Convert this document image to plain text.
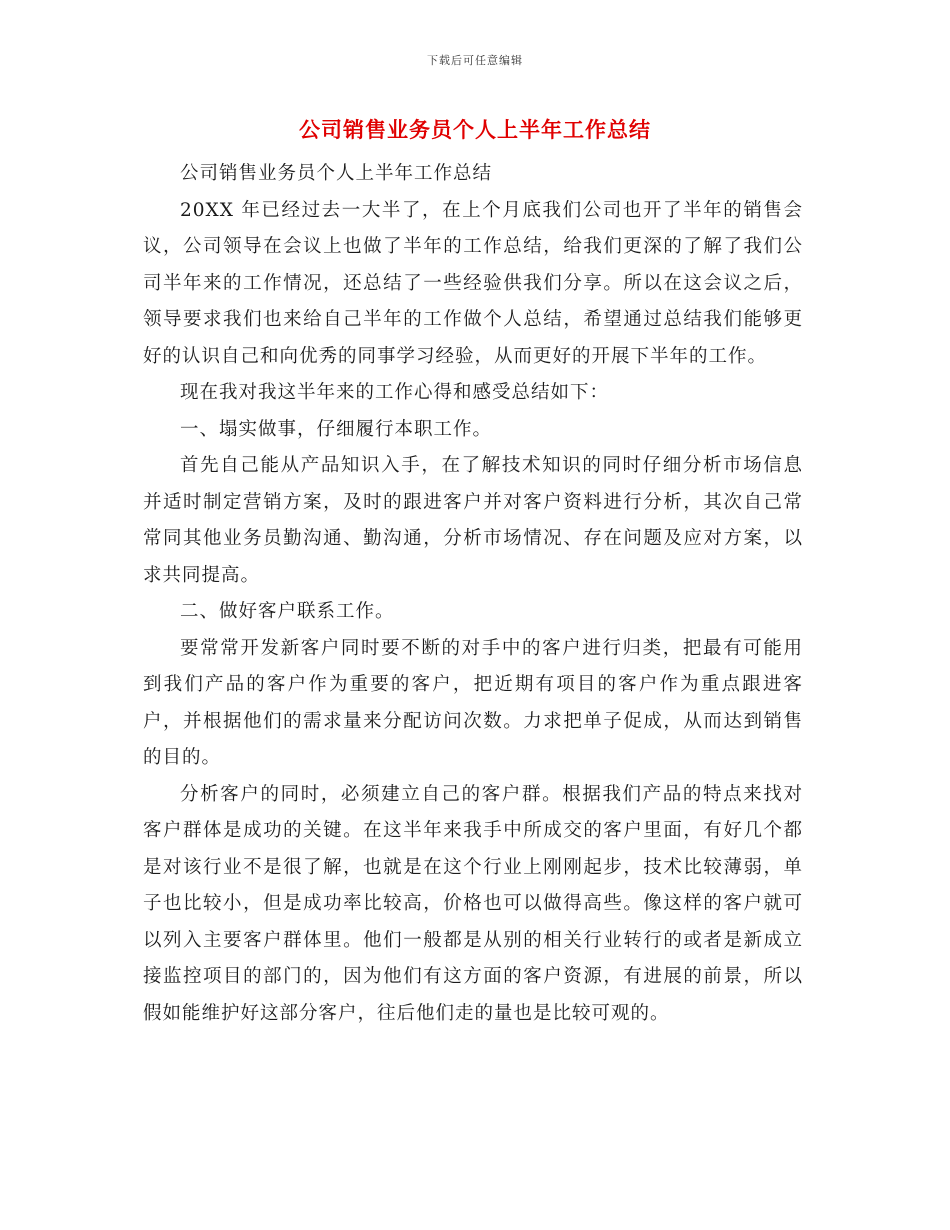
下载后可任意编辑
公司销售业务员个人上半年工作总结

公司销售业务员个人上半年工作总结

20XX 年已经过去一大半了，在上个月底我们公司也开了半年的销售会议，公司领导在会议上也做了半年的工作总结，给我们更深的了解了我们公司半年来的工作情况，还总结了一些经验供我们分享。所以在这会议之后，领导要求我们也来给自己半年的工作做个人总结，希望通过总结我们能够更好的认识自己和向优秀的同事学习经验，从而更好的开展下半年的工作。

现在我对我这半年来的工作心得和感受总结如下：

一、塌实做事，仔细履行本职工作。

首先自己能从产品知识入手，在了解技术知识的同时仔细分析市场信息并适时制定营销方案，及时的跟进客户并对客户资料进行分析，其次自己常常同其他业务员勤沟通、勤沟通，分析市场情况、存在问题及应对方案，以求共同提高。

二、做好客户联系工作。

要常常开发新客户同时要不断的对手中的客户进行归类，把最有可能用到我们产品的客户作为重要的客户，把近期有项目的客户作为重点跟进客户，并根据他们的需求量来分配访问次数。力求把单子促成，从而达到销售的目的。

分析客户的同时，必须建立自己的客户群。根据我们产品的特点来找对客户群体是成功的关键。在这半年来我手中所成交的客户里面，有好几个都是对该行业不是很了解，也就是在这个行业上刚刚起步，技术比较薄弱，单子也比较小，但是成功率比较高，价格也可以做得高些。像这样的客户就可以列入主要客户群体里。他们一般都是从别的相关行业转行的或者是新成立接监控项目的部门的，因为他们有这方面的客户资源，有进展的前景，所以假如能维护好这部分客户，往后他们走的量也是比较可观的。
